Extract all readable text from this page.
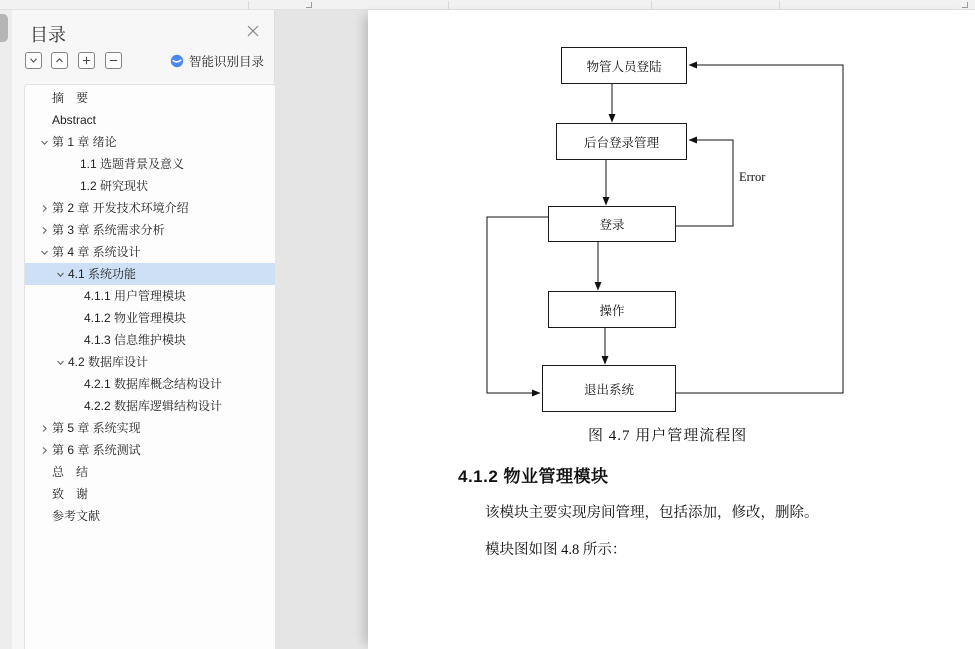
目录
智能识别目录
摘　要
Abstract
第 1 章 绪论
1.1 选题背景及意义
1.2 研究现状
第 2 章 开发技术环境介绍
第 3 章 系统需求分析
第 4 章 系统设计
4.1 系统功能
4.1.1 用户管理模块
4.1.2 物业管理模块
4.1.3 信息维护模块
4.2 数据库设计
4.2.1 数据库概念结构设计
4.2.2 数据库逻辑结构设计
第 5 章 系统实现
第 6 章 系统测试
总　结
致　谢
参考文献
物管人员登陆
后台登录管理
登录
操作
退出系统
Error
图 4.7 用户管理流程图
4.1.2 物业管理模块
该模块主要实现房间管理，包括添加，修改，删除。
模块图如图 4.8 所示：
